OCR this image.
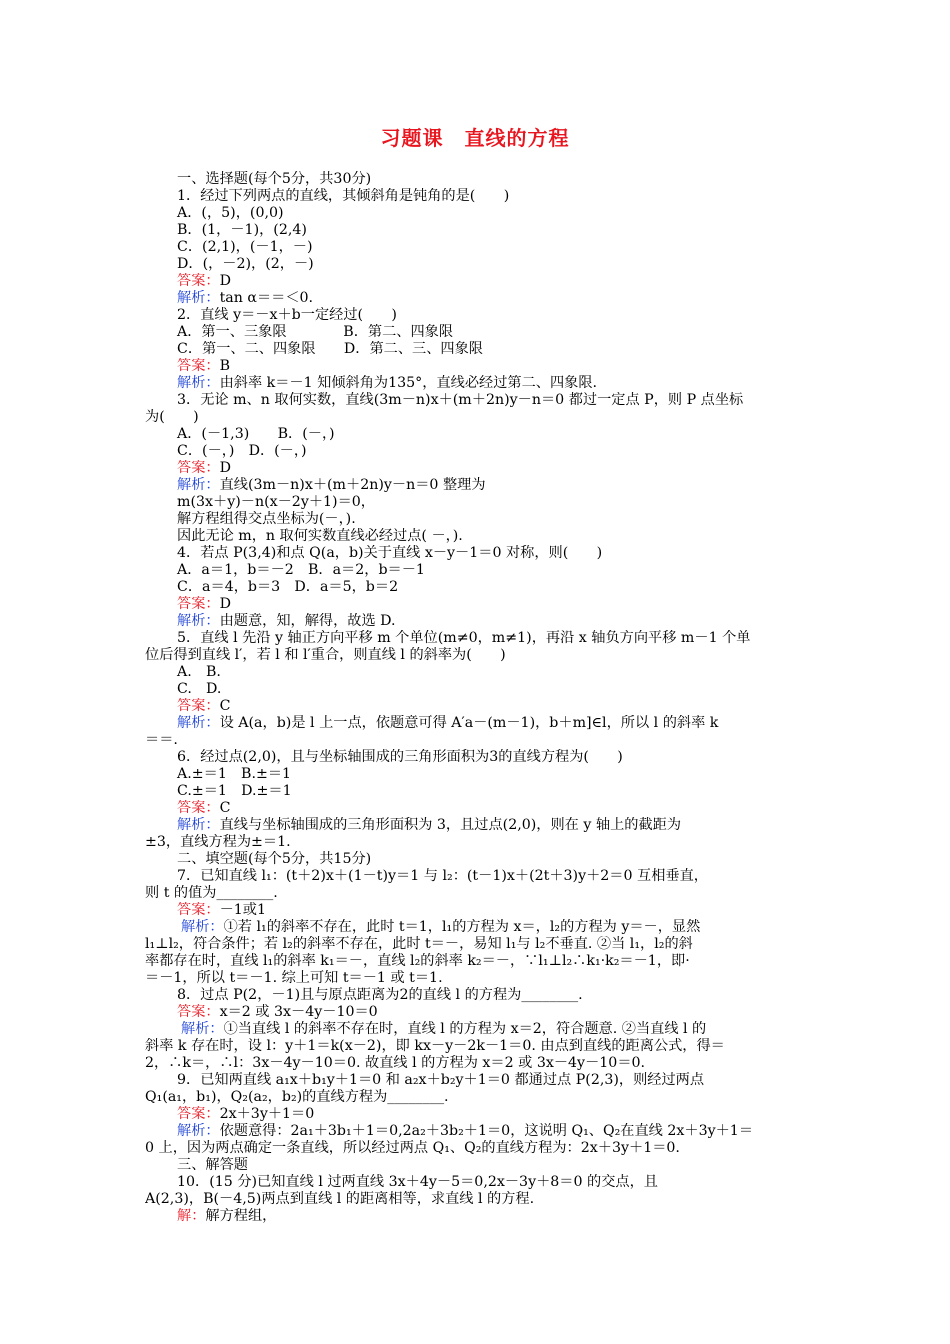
习题课　直线的方程
一、选择题(每个5分，共30分)
1．经过下列两点的直线，其倾斜角是钝角的是(　　)
A．(，5)，(0,0)
B．(1，－1)，(2,4)
C．(2,1)，(－1，－)
D．(，－2)，(2，－)
答案：D
解析：tan α＝＝＜0.
2．直线 y＝－x＋b一定经过(　　)
A．第一、三象限　　　　B．第二、四象限
C．第一、二、四象限　　D．第二、三、四象限
答案：B
解析：由斜率 k＝－1 知倾斜角为135°，直线必经过第二、四象限.
3．无论 m、n 取何实数，直线(3m－n)x＋(m＋2n)y－n＝0 都过一定点 P，则 P 点坐标
为(　　)
A．(－1,3)　　B．(－，)
C．(－，)　D．(－，)
答案：D
解析：直线(3m－n)x＋(m＋2n)y－n＝0 整理为
m(3x＋y)－n(x－2y＋1)＝0，
解方程组得交点坐标为(－，).
因此无论 m，n 取何实数直线必经过点( －，).
4．若点 P(3,4)和点 Q(a，b)关于直线 x－y－1＝0 对称，则(　　)
A．a＝1，b＝－2　B．a＝2，b＝－1
C．a＝4，b＝3　D．a＝5，b＝2
答案：D
解析：由题意，知，解得，故选 D.
5．直线 l 先沿 y 轴正方向平移 m 个单位(m≠0，m≠1)，再沿 x 轴负方向平移 m－1 个单
位后得到直线 l′，若 l 和 l′重合，则直线 l 的斜率为(　　)
A.　B.
C.　D.
答案：C
解析：设 A(a，b)是 l 上一点，依题意可得 A′a－(m－1)，b＋m]∈l，所以 l 的斜率 k
＝＝.
6．经过点(2,0)，且与坐标轴围成的三角形面积为3的直线方程为(　　)
A.±＝1　B.±＝1
C.±＝1　D.±＝1
答案：C
解析：直线与坐标轴围成的三角形面积为 3，且过点(2,0)，则在 y 轴上的截距为
±3，直线方程为±＝1.
二、填空题(每个5分，共15分)
7．已知直线 l₁：(t＋2)x＋(1－t)y＝1 与 l₂：(t－1)x＋(2t＋3)y＋2＝0 互相垂直，
则 t 的值为________.
答案：－1或1
解析：①若 l₁的斜率不存在，此时 t＝1，l₁的方程为 x＝，l₂的方程为 y＝－，显然
l₁⊥l₂，符合条件；若 l₂的斜率不存在，此时 t＝－，易知 l₁与 l₂不垂直. ②当 l₁，l₂的斜
率都存在时，直线 l₁的斜率 k₁＝－，直线 l₂的斜率 k₂＝－，∵l₁⊥l₂∴k₁·k₂＝－1，即·
＝－1，所以 t＝－1. 综上可知 t＝－1 或 t＝1.
8．过点 P(2，－1)且与原点距离为2的直线 l 的方程为________.
答案：x＝2 或 3x－4y－10＝0
解析：①当直线 l 的斜率不存在时，直线 l 的方程为 x＝2，符合题意. ②当直线 l 的
斜率 k 存在时，设 l：y＋1＝k(x－2)，即 kx－y－2k－1＝0. 由点到直线的距离公式，得＝
2，∴k＝，∴l：3x－4y－10＝0. 故直线 l 的方程为 x＝2 或 3x－4y－10＝0.
9．已知两直线 a₁x＋b₁y＋1＝0 和 a₂x＋b₂y＋1＝0 都通过点 P(2,3)，则经过两点
Q₁(a₁，b₁)，Q₂(a₂，b₂)的直线方程为________.
答案：2x＋3y＋1＝0
解析：依题意得：2a₁＋3b₁＋1＝0,2a₂＋3b₂＋1＝0，这说明 Q₁、Q₂在直线 2x＋3y＋1＝
0 上，因为两点确定一条直线，所以经过两点 Q₁、Q₂的直线方程为：2x＋3y＋1＝0.
三、解答题
10．(15 分)已知直线 l 过两直线 3x＋4y－5＝0,2x－3y＋8＝0 的交点，且
A(2,3)，B(－4,5)两点到直线 l 的距离相等，求直线 l 的方程.
解：解方程组，
